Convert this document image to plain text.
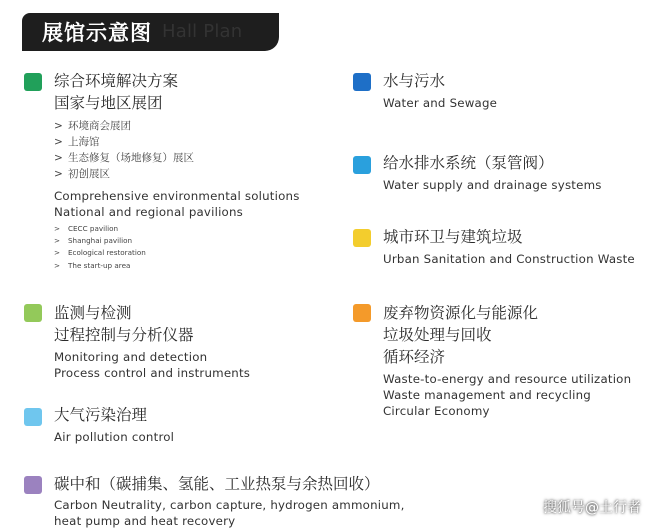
展馆示意图 Hall Plan
综合环境解决方案
国家与地区展团
> 环境商会展团
> 上海馆
> 生态修复（场地修复）展区
> 初创展区
Comprehensive environmental solutions
National and regional pavilions
> CECC pavilion
> Shanghai pavilion
> Ecological restoration
> The start-up area
水与污水
Water and Sewage
给水排水系统（泵管阀）
Water supply and drainage systems
城市环卫与建筑垃圾
Urban Sanitation and Construction Waste
监测与检测
过程控制与分析仪器
Monitoring and detection
Process control and instruments
废弃物资源化与能源化
垃圾处理与回收
循环经济
Waste-to-energy and resource utilization
Waste management and recycling
Circular Economy
大气污染治理
Air pollution control
碳中和（碳捕集、氢能、工业热泵与余热回收）
Carbon Neutrality, carbon capture, hydrogen ammonium,
heat pump and heat recovery
搜狐号@土行者
